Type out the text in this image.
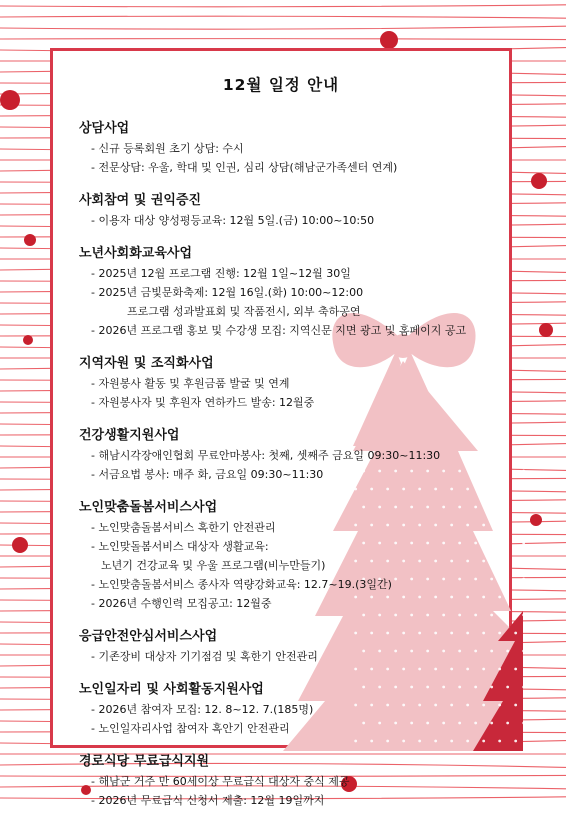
12월 일정 안내
상담사업
- 신규 등록회원 초기 상담: 수시
- 전문상담: 우울, 학대 및 인권, 심리 상담(해남군가족센터 연계)
사회참여 및 권익증진
- 이용자 대상 양성평등교육: 12월 5일.(금) 10:00~10:50
노년사회화교육사업
- 2025년 12월 프로그램 진행: 12월 1일~12월 30일
- 2025년 금빛문화축제: 12월 16일.(화) 10:00~12:00
프로그램 성과발표회 및 작품전시, 외부 축하공연
- 2026년 프로그램 홍보 및 수강생 모집: 지역신문 지면 광고 및 홈페이지 공고
지역자원 및 조직화사업
- 자원봉사 활동 및 후원금품 발굴 및 연계
- 자원봉사자 및 후원자 연하카드 발송: 12월중
건강생활지원사업
- 해남시각장애인협회 무료안마봉사: 첫째, 셋째주 금요일 09:30~11:30
- 서금요법 봉사: 매주 화, 금요일 09:30~11:30
노인맞춤돌봄서비스사업
- 노인맞춤돌봄서비스 혹한기 안전관리
- 노인맞돌봄서비스 대상자 생활교육:
노년기 건강교육 및 우울 프로그램(비누만들기)
- 노인맞춤돌봄서비스 종사자 역량강화교육: 12.7~19.(3일간)
- 2026년 수행인력 모집공고: 12월중
응급안전안심서비스사업
- 기존장비 대상자 기기점검 및 혹한기 안전관리
노인일자리 및 사회활동지원사업
- 2026년 참여자 모집: 12. 8~12. 7.(185명)
- 노인일자리사업 참여자 혹안기 안전관리
경로식당 무료급식지원
- 해남군 거주 만 60세이상 무료급식 대상자 중식 제공
- 2026년 무료급식 신청서 제출: 12월 19일까지
